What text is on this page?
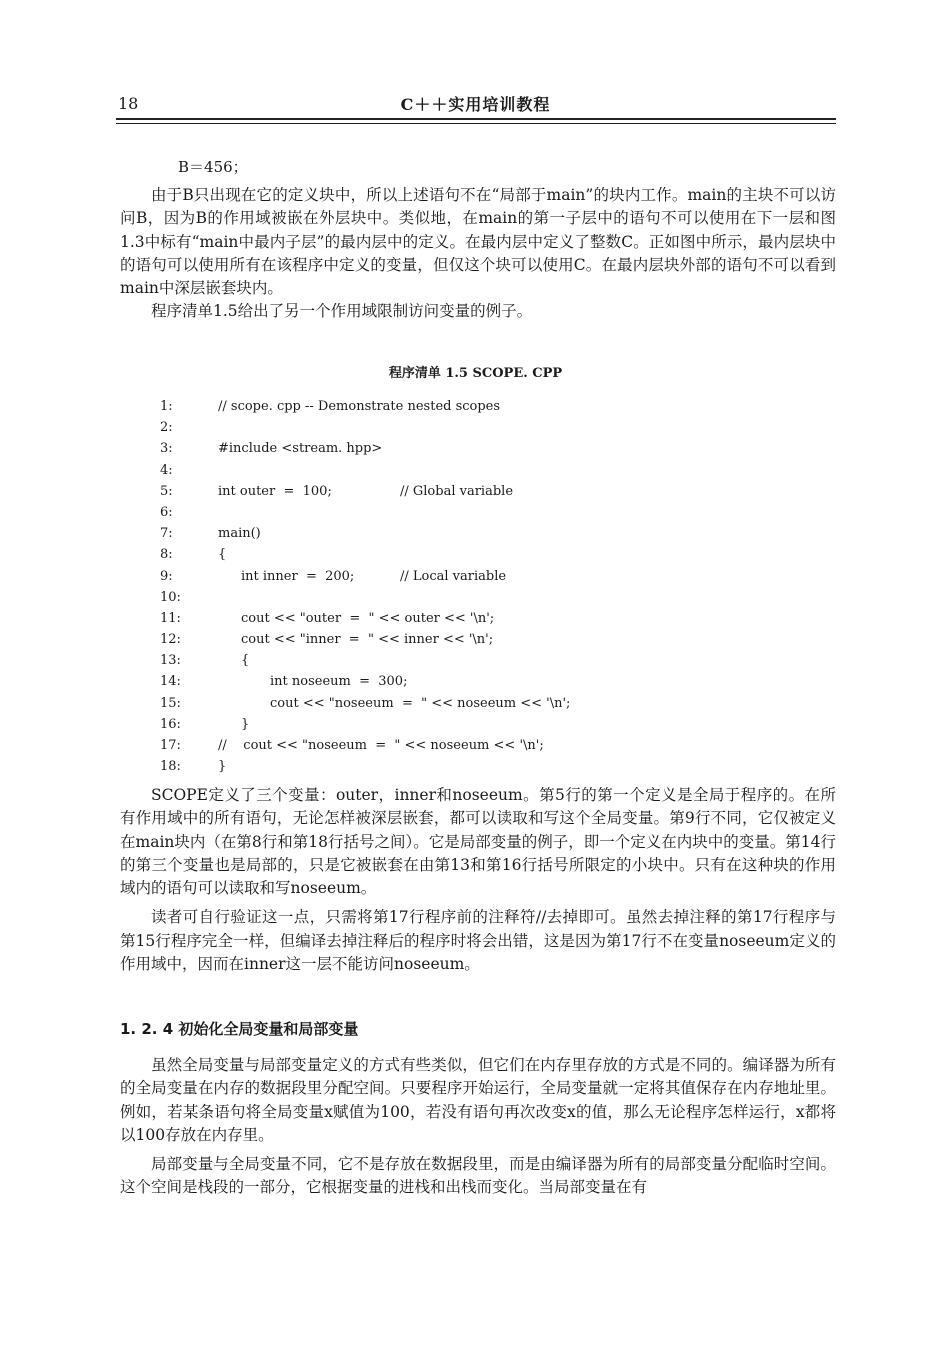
18	C＋＋实用培训教程
B＝456；

由于B只出现在它的定义块中，所以上述语句不在“局部于main”的块内工作。main的主块不可以访问B，因为B的作用域被嵌在外层块中。类似地，在main的第一子层中的语句不可以使用在下一层和图1.3中标有“main中最内子层”的最内层中的定义。在最内层中定义了整数C。正如图中所示，最内层块中的语句可以使用所有在该程序中定义的变量，但仅这个块可以使用C。在最内层块外部的语句不可以看到main中深层嵌套块内。

程序清单1.5给出了另一个作用域限制访问变量的例子。

程序清单 1.5 SCOPE. CPP
1:	// scope. cpp -- Demonstrate nested scopes
2:
3:	#include <stream. hpp>
4:
5:	int outer  =  100;	// Global variable
6:
7:	main()
8:	{
9:	int inner  =  200;	// Local variable
10:
11:	cout << "outer  =  " << outer << '\n';
12:	cout << "inner  =  " << inner << '\n';
13:	{
14:	int noseeum  =  300;
15:	cout << "noseeum  =  " << noseeum << '\n';
16:	}
17:	//    cout << "noseeum  =  " << noseeum << '\n';
18:	}

SCOPE定义了三个变量：outer，inner和noseeum。第5行的第一个定义是全局于程序的。在所有作用域中的所有语句，无论怎样被深层嵌套，都可以读取和写这个全局变量。第9行不同，它仅被定义在main块内（在第8行和第18行括号之间）。它是局部变量的例子，即一个定义在内块中的变量。第14行的第三个变量也是局部的，只是它被嵌套在由第13和第16行括号所限定的小块中。只有在这种块的作用域内的语句可以读取和写noseeum。

读者可自行验证这一点，只需将第17行程序前的注释符//去掉即可。虽然去掉注释的第17行程序与第15行程序完全一样，但编译去掉注释后的程序时将会出错，这是因为第17行不在变量noseeum定义的作用域中，因而在inner这一层不能访问noseeum。

1. 2. 4 初始化全局变量和局部变量

虽然全局变量与局部变量定义的方式有些类似，但它们在内存里存放的方式是不同的。编译器为所有的全局变量在内存的数据段里分配空间。只要程序开始运行，全局变量就一定将其值保存在内存地址里。例如，若某条语句将全局变量x赋值为100，若没有语句再次改变x的值，那么无论程序怎样运行，x都将以100存放在内存里。

局部变量与全局变量不同，它不是存放在数据段里，而是由编译器为所有的局部变量分配临时空间。这个空间是栈段的一部分，它根据变量的进栈和出栈而变化。当局部变量在有
